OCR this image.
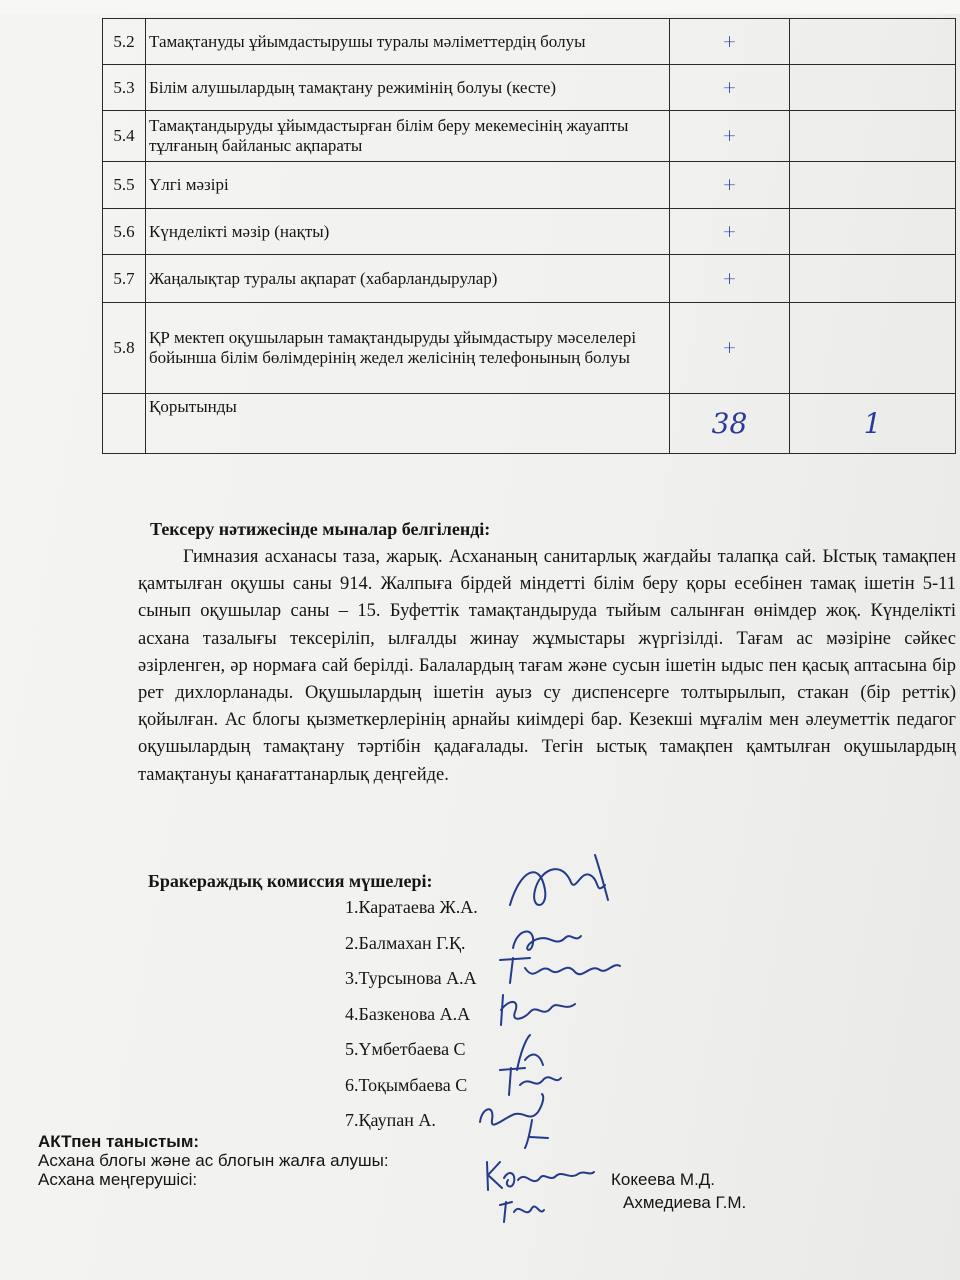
5.2	Тамақтануды ұйымдастырушы туралы мәліметтердің болуы	+	
5.3	Білім алушылардың тамақтану режимінің болуы (кесте)	+	
5.4	Тамақтандыруды ұйымдастырған білім беру мекемесінің жауапты тұлғаның байланыс ақпараты	+	
5.5	Үлгі мәзірі	+	
5.6	Күнделікті мәзір (нақты)	+	
5.7	Жаңалықтар туралы ақпарат (хабарландырулар)	+	
5.8	ҚР мектеп оқушыларын тамақтандыруды ұйымдастыру мәселелері бойынша білім бөлімдерінің жедел желісінің телефонының болуы	+	
	Қорытынды	38	1
Тексеру нәтижесінде мыналар белгіленді:
Гимназия асханасы таза, жарық. Асхананың санитарлық жағдайы талапқа сай. Ыстық тамақпен қамтылған оқушы саны 914. Жалпыға бірдей міндетті білім беру қоры есебінен тамақ ішетін 5-11 сынып оқушылар саны – 15. Буфеттік тамақтандыруда тыйым салынған өнімдер жоқ. Күнделікті асхана тазалығы тексеріліп, ылғалды жинау жұмыстары жүргізілді. Тағам ас мәзіріне сәйкес әзірленген, әр нормаға сай берілді. Балалардың тағам және сусын ішетін ыдыс пен қасық аптасына бір рет дихлорланады. Оқушылардың ішетін ауыз су диспенсерге толтырылып, стакан (бір реттік) қойылған. Ас блогы қызметкерлерінің арнайы киімдері бар. Кезекші мұғалім мен әлеуметтік педагог оқушылардың тамақтану тәртібін қадағалады. Тегін ыстық тамақпен қамтылған оқушылардың тамақтануы қанағаттанарлық деңгейде.
Бракераждық комиссия мүшелері:
1.Каратаева Ж.А.
2.Балмахан Г.Қ.
3.Турсынова А.А
4.Базкенова А.А
5.Үмбетбаева С
6.Тоқымбаева С
7.Қаупан А.
АКТпен таныстым:
Асхана блогы және ас блогын жалға алушы:
Асхана меңгерушісі:	Кокеева М.Д.
Ахмедиева Г.М.
